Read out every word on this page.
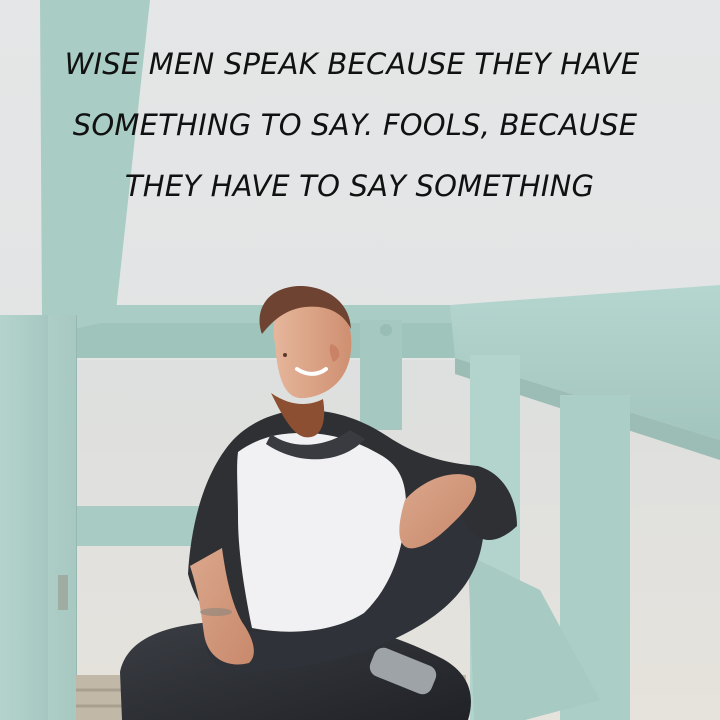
WISE MEN SPEAK BECAUSE THEY HAVE
SOMETHING TO SAY. FOOLS, BECAUSE
THEY HAVE TO SAY SOMETHING
